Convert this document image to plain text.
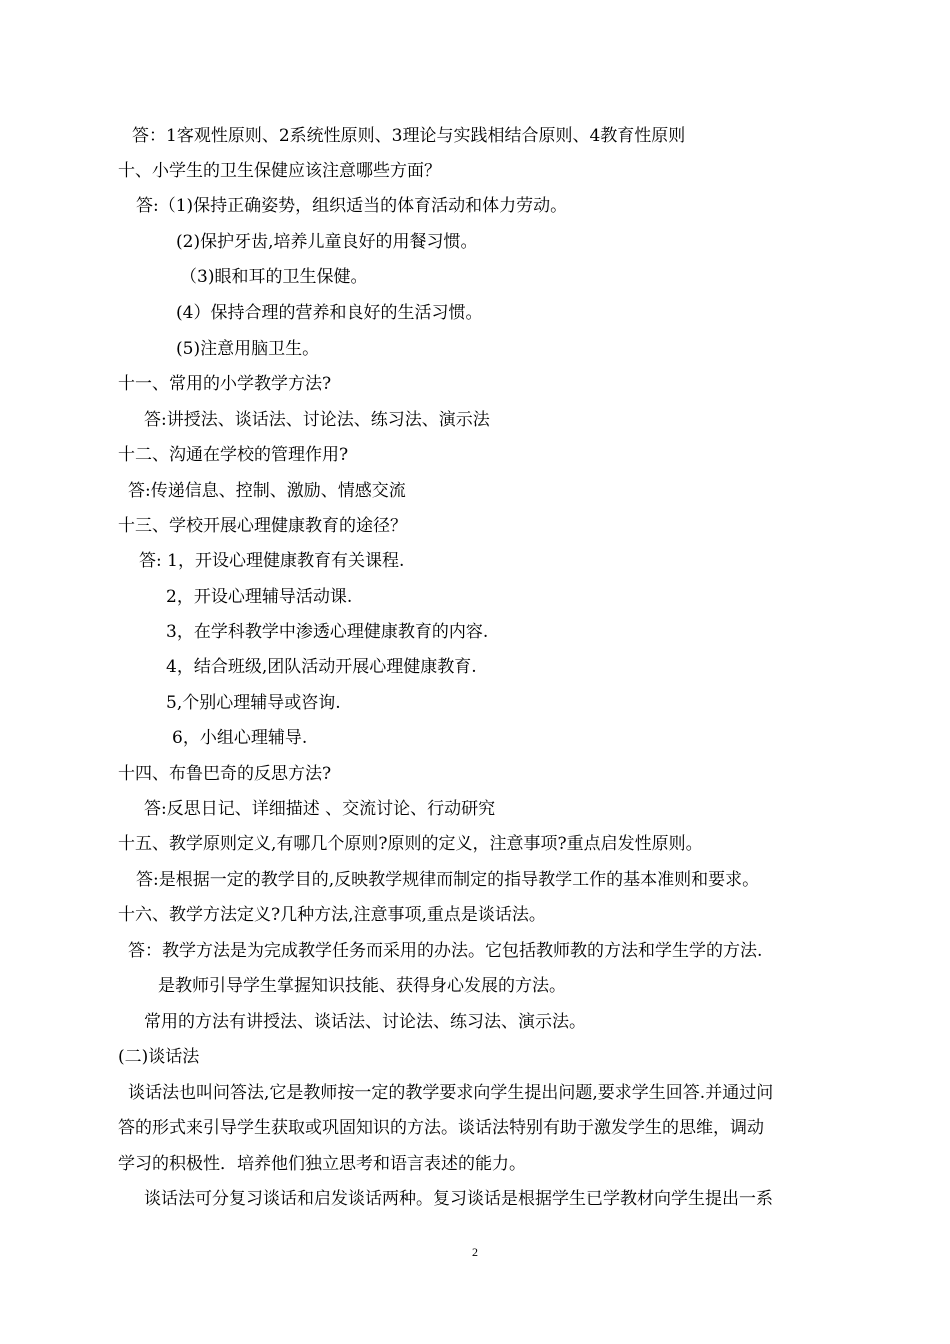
答：1客观性原则、2系统性原则、3理论与实践相结合原则、4教育性原则
十、小学生的卫生保健应该注意哪些方面？
答:（1)保持正确姿势，组织适当的体育活动和体力劳动。
(2)保护牙齿,培养儿童良好的用餐习惯。
（3)眼和耳的卫生保健。
(4）保持合理的营养和良好的生活习惯。
(5)注意用脑卫生。
十一、常用的小学教学方法?
答:讲授法、谈话法、讨论法、练习法、演示法
十二、沟通在学校的管理作用?
答:传递信息、控制、激励、情感交流
十三、学校开展心理健康教育的途径？
答: 1，开设心理健康教育有关课程.
2，开设心理辅导活动课.
3，在学科教学中渗透心理健康教育的内容.
4，结合班级,团队活动开展心理健康教育.
5,个别心理辅导或咨询.
6，小组心理辅导.
十四、布鲁巴奇的反思方法?
答:反思日记、详细描述 、交流讨论、行动研究
十五、教学原则定义,有哪几个原则?原则的定义，注意事项?重点启发性原则。
答:是根据一定的教学目的,反映教学规律而制定的指导教学工作的基本准则和要求。
十六、教学方法定义?几种方法,注意事项,重点是谈话法。
答：教学方法是为完成教学任务而采用的办法。它包括教师教的方法和学生学的方法.
是教师引导学生掌握知识技能、获得身心发展的方法。
常用的方法有讲授法、谈话法、讨论法、练习法、演示法。
(二)谈话法
谈话法也叫问答法,它是教师按一定的教学要求向学生提出问题,要求学生回答.并通过问
答的形式来引导学生获取或巩固知识的方法。谈话法特别有助于激发学生的思维，调动
学习的积极性．培养他们独立思考和语言表述的能力。
谈话法可分复习谈话和启发谈话两种。复习谈话是根据学生已学教材向学生提出一系
2
